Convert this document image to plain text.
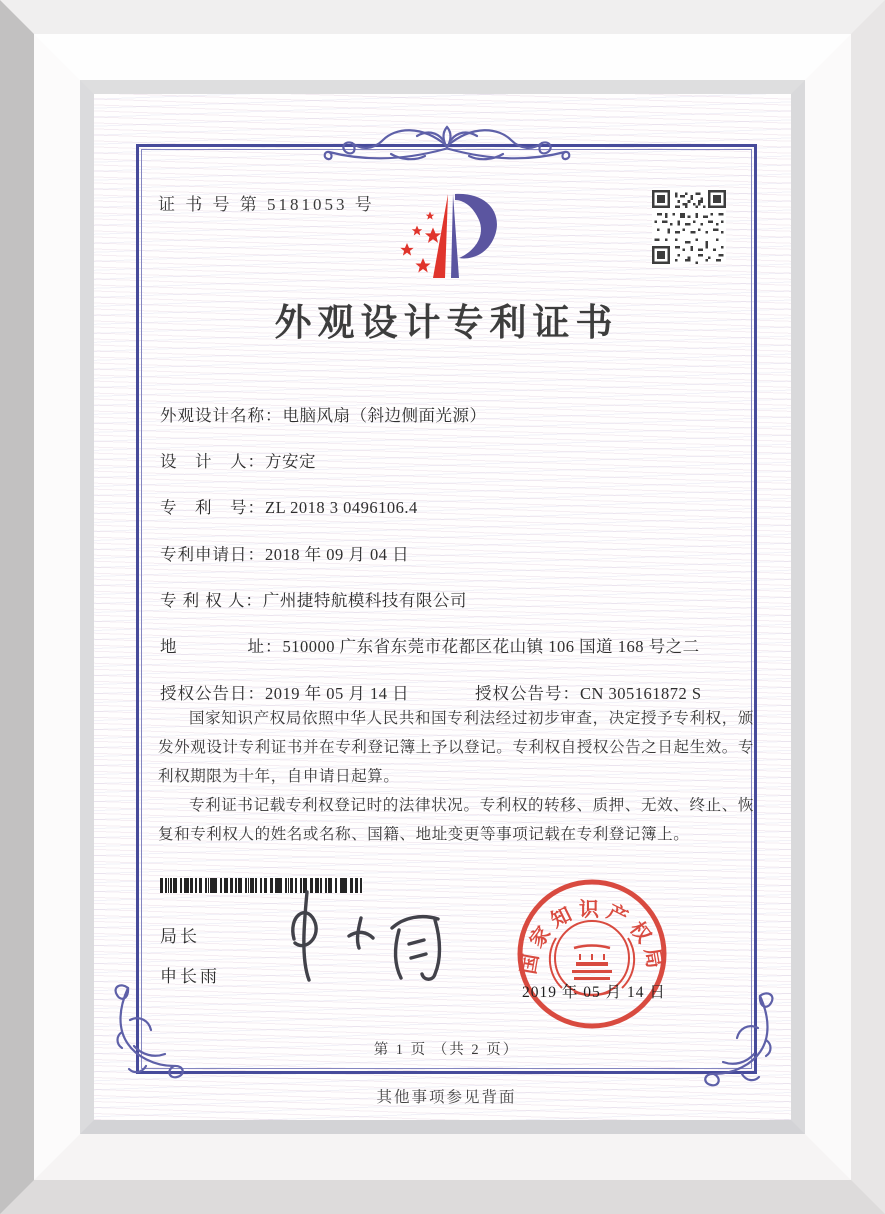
证 书 号 第 5181053 号
外观设计专利证书
外观设计名称：电脑风扇（斜边侧面光源）
设　计　人：方安定
专　利　号：ZL 2018 3 0496106.4
专利申请日：2018 年 09 月 04 日
专 利 权 人：广州捷特航模科技有限公司
地　　　　址：510000 广东省东莞市花都区花山镇 106 国道 168 号之二
授权公告日：2019 年 05 月 14 日	授权公告号：CN 305161872 S

国家知识产权局依照中华人民共和国专利法经过初步审查，决定授予专利权，颁发外观设计专利证书并在专利登记簿上予以登记。专利权自授权公告之日起生效。专利权期限为十年，自申请日起算。

专利证书记载专利权登记时的法律状况。专利权的转移、质押、无效、终止、恢复和专利权人的姓名或名称、国籍、地址变更等事项记载在专利登记簿上。

局长
申长雨
国家知识产权局
2019 年 05 月 14 日
第 1 页 （共 2 页）
其他事项参见背面
